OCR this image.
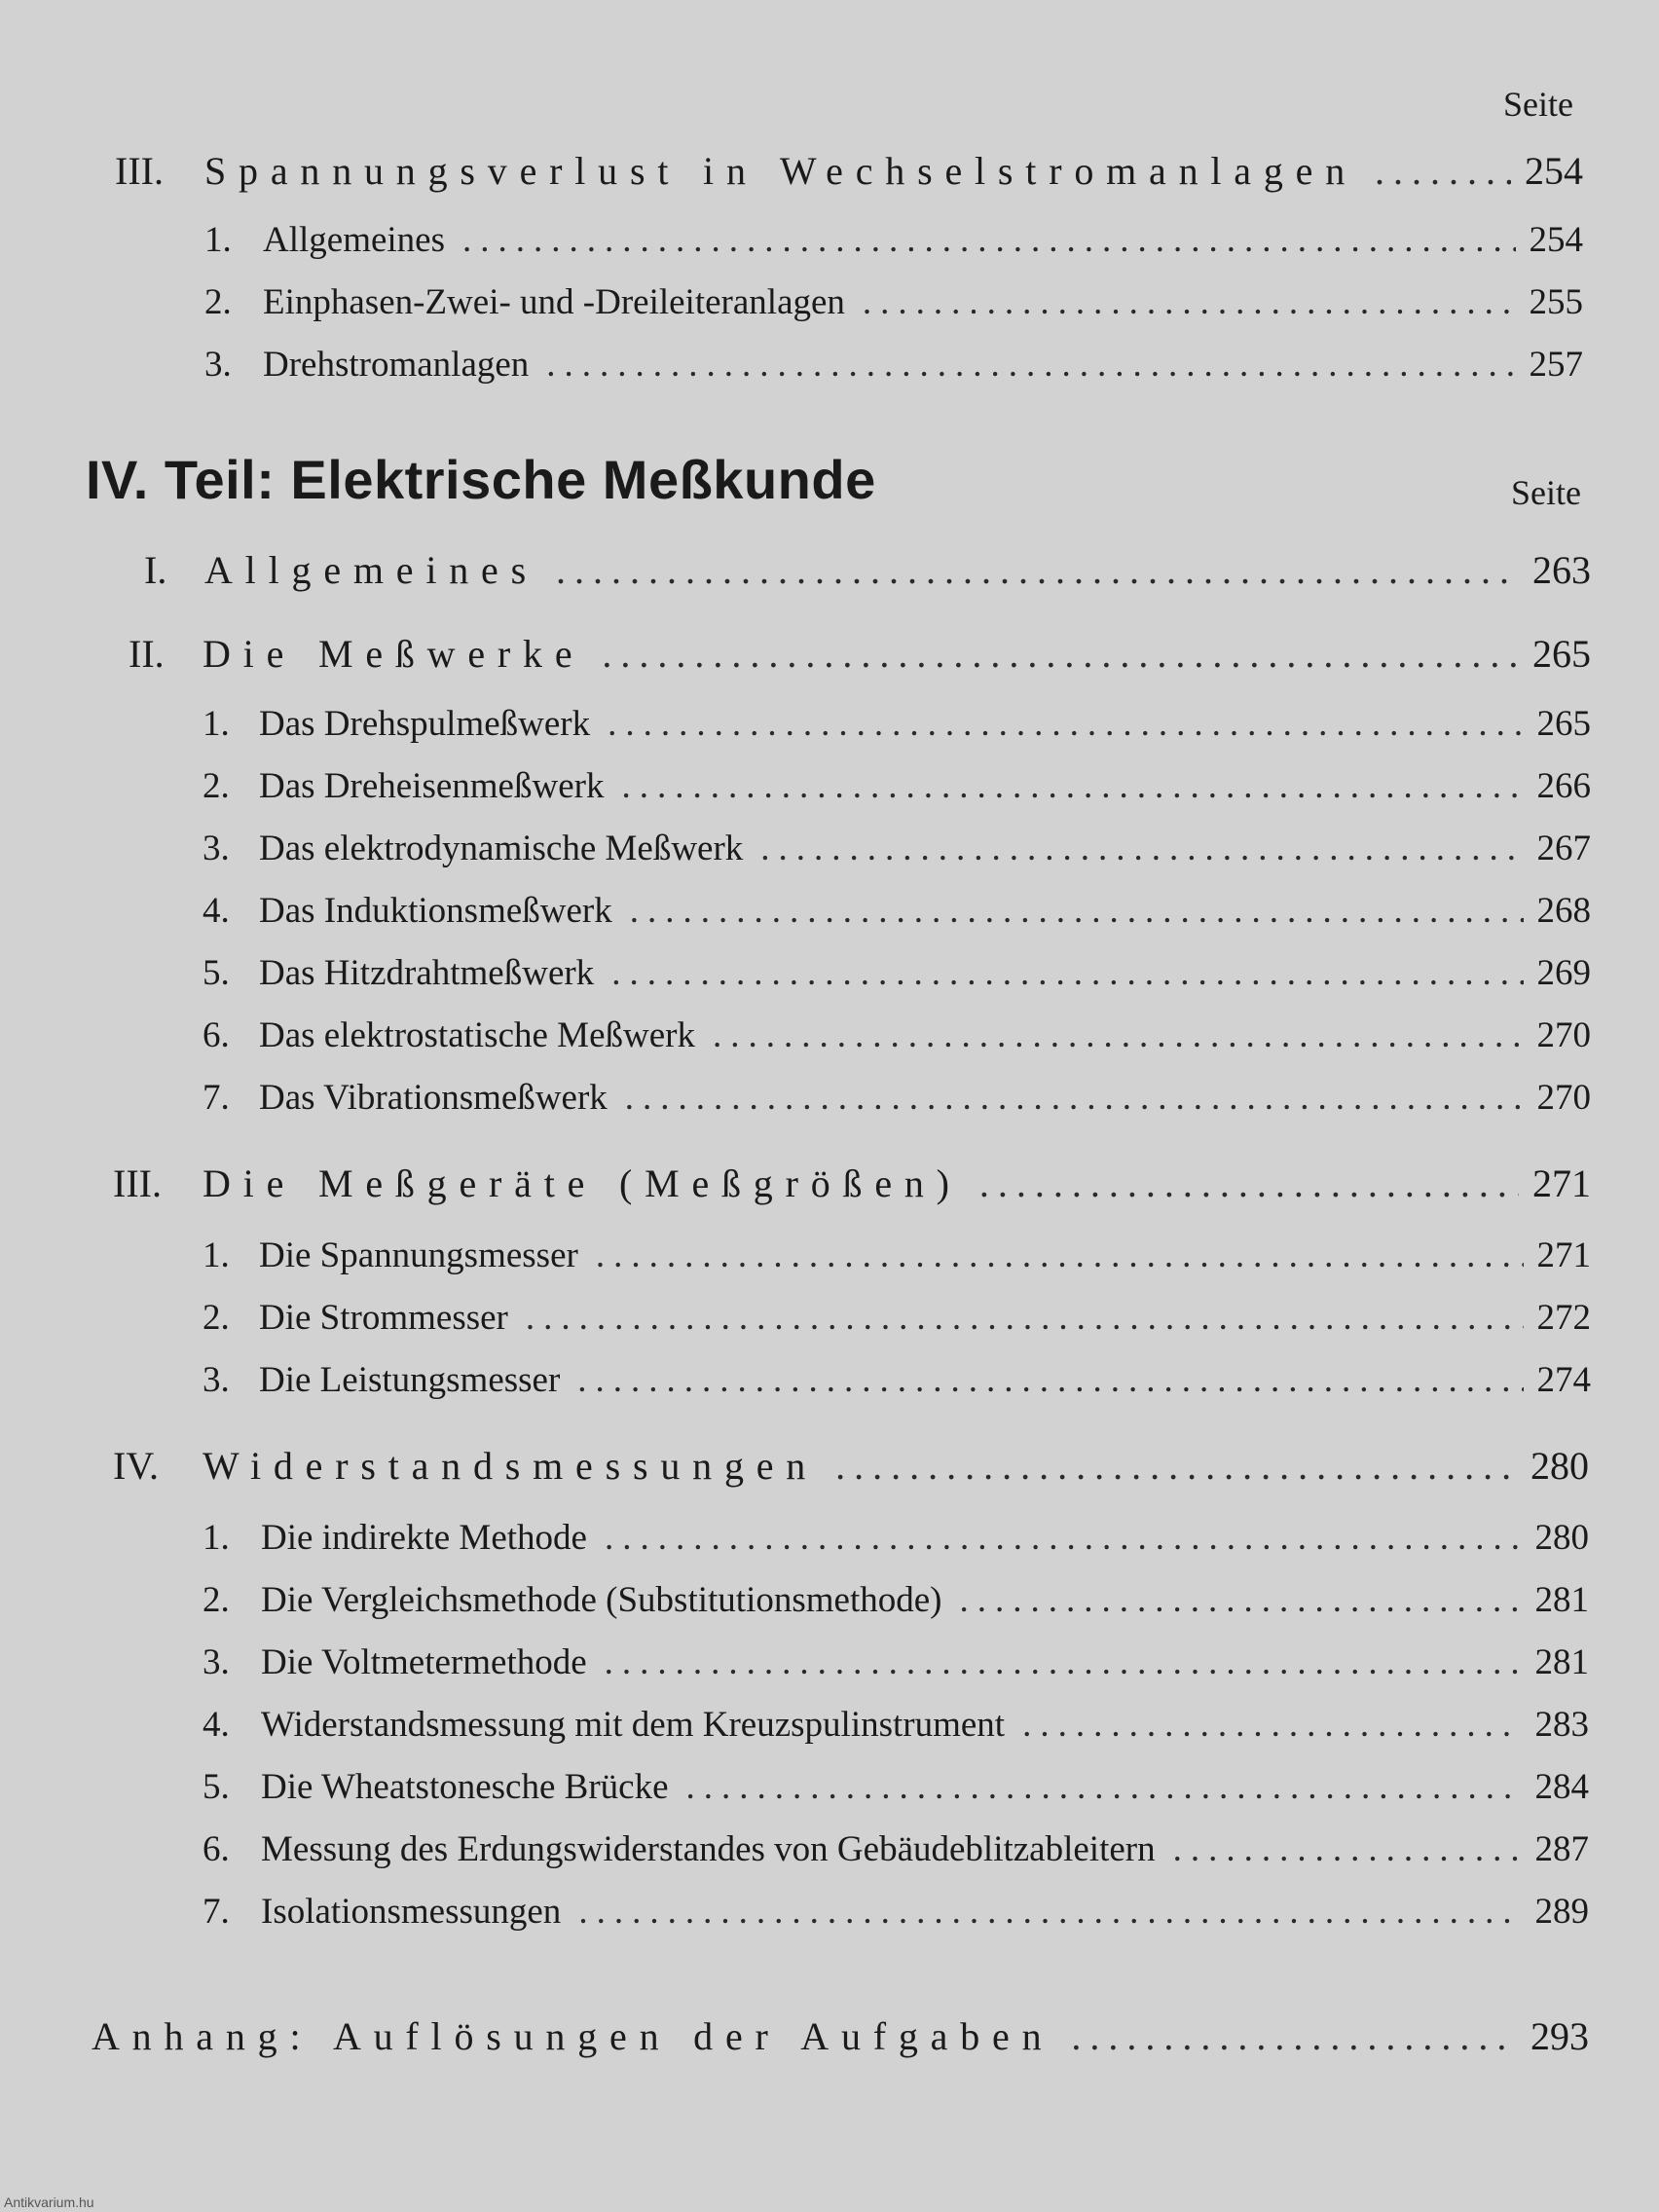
Seite
III.	Spannungsverlust in Wechselstromanlagen .....	254
1. Allgemeines .....	254
2. Einphasen-Zwei- und -Dreileiteranlagen .....	255
3. Drehstromanlagen .....	257
IV. Teil: Elektrische Meßkunde	Seite
I. Allgemeines .....	263
II. Die Meßwerke .....	265
1. Das Drehspulmeßwerk .....	265
2. Das Dreheisenmeßwerk .....	266
3. Das elektrodynamische Meßwerk .....	267
4. Das Induktionsmeßwerk .....	268
5. Das Hitzdrahtmeßwerk .....	269
6. Das elektrostatische Meßwerk .....	270
7. Das Vibrationsmeßwerk .....	270
III.	Die Meßgeräte (Meßgrößen) .....	271
1. Die Spannungsmesser .....	271
2. Die Strommesser .....	272
3. Die Leistungsmesser .....	274
IV.	Widerstandsmessungen .....	280
1. Die indirekte Methode .....	280
2. Die Vergleichsmethode (Substitutionsmethode) .....	281
3. Die Voltmetermethode .....	281
4. Widerstandsmessung mit dem Kreuzspulinstrument .....	283
5. Die Wheatstonesche Brücke .....	284
6. Messung des Erdungswiderstandes von Gebäudeblitzableitern .....	287
7. Isolationsmessungen .....	289
Anhang: Auflösungen der Aufgaben .....	293
Antikvarium.hu
